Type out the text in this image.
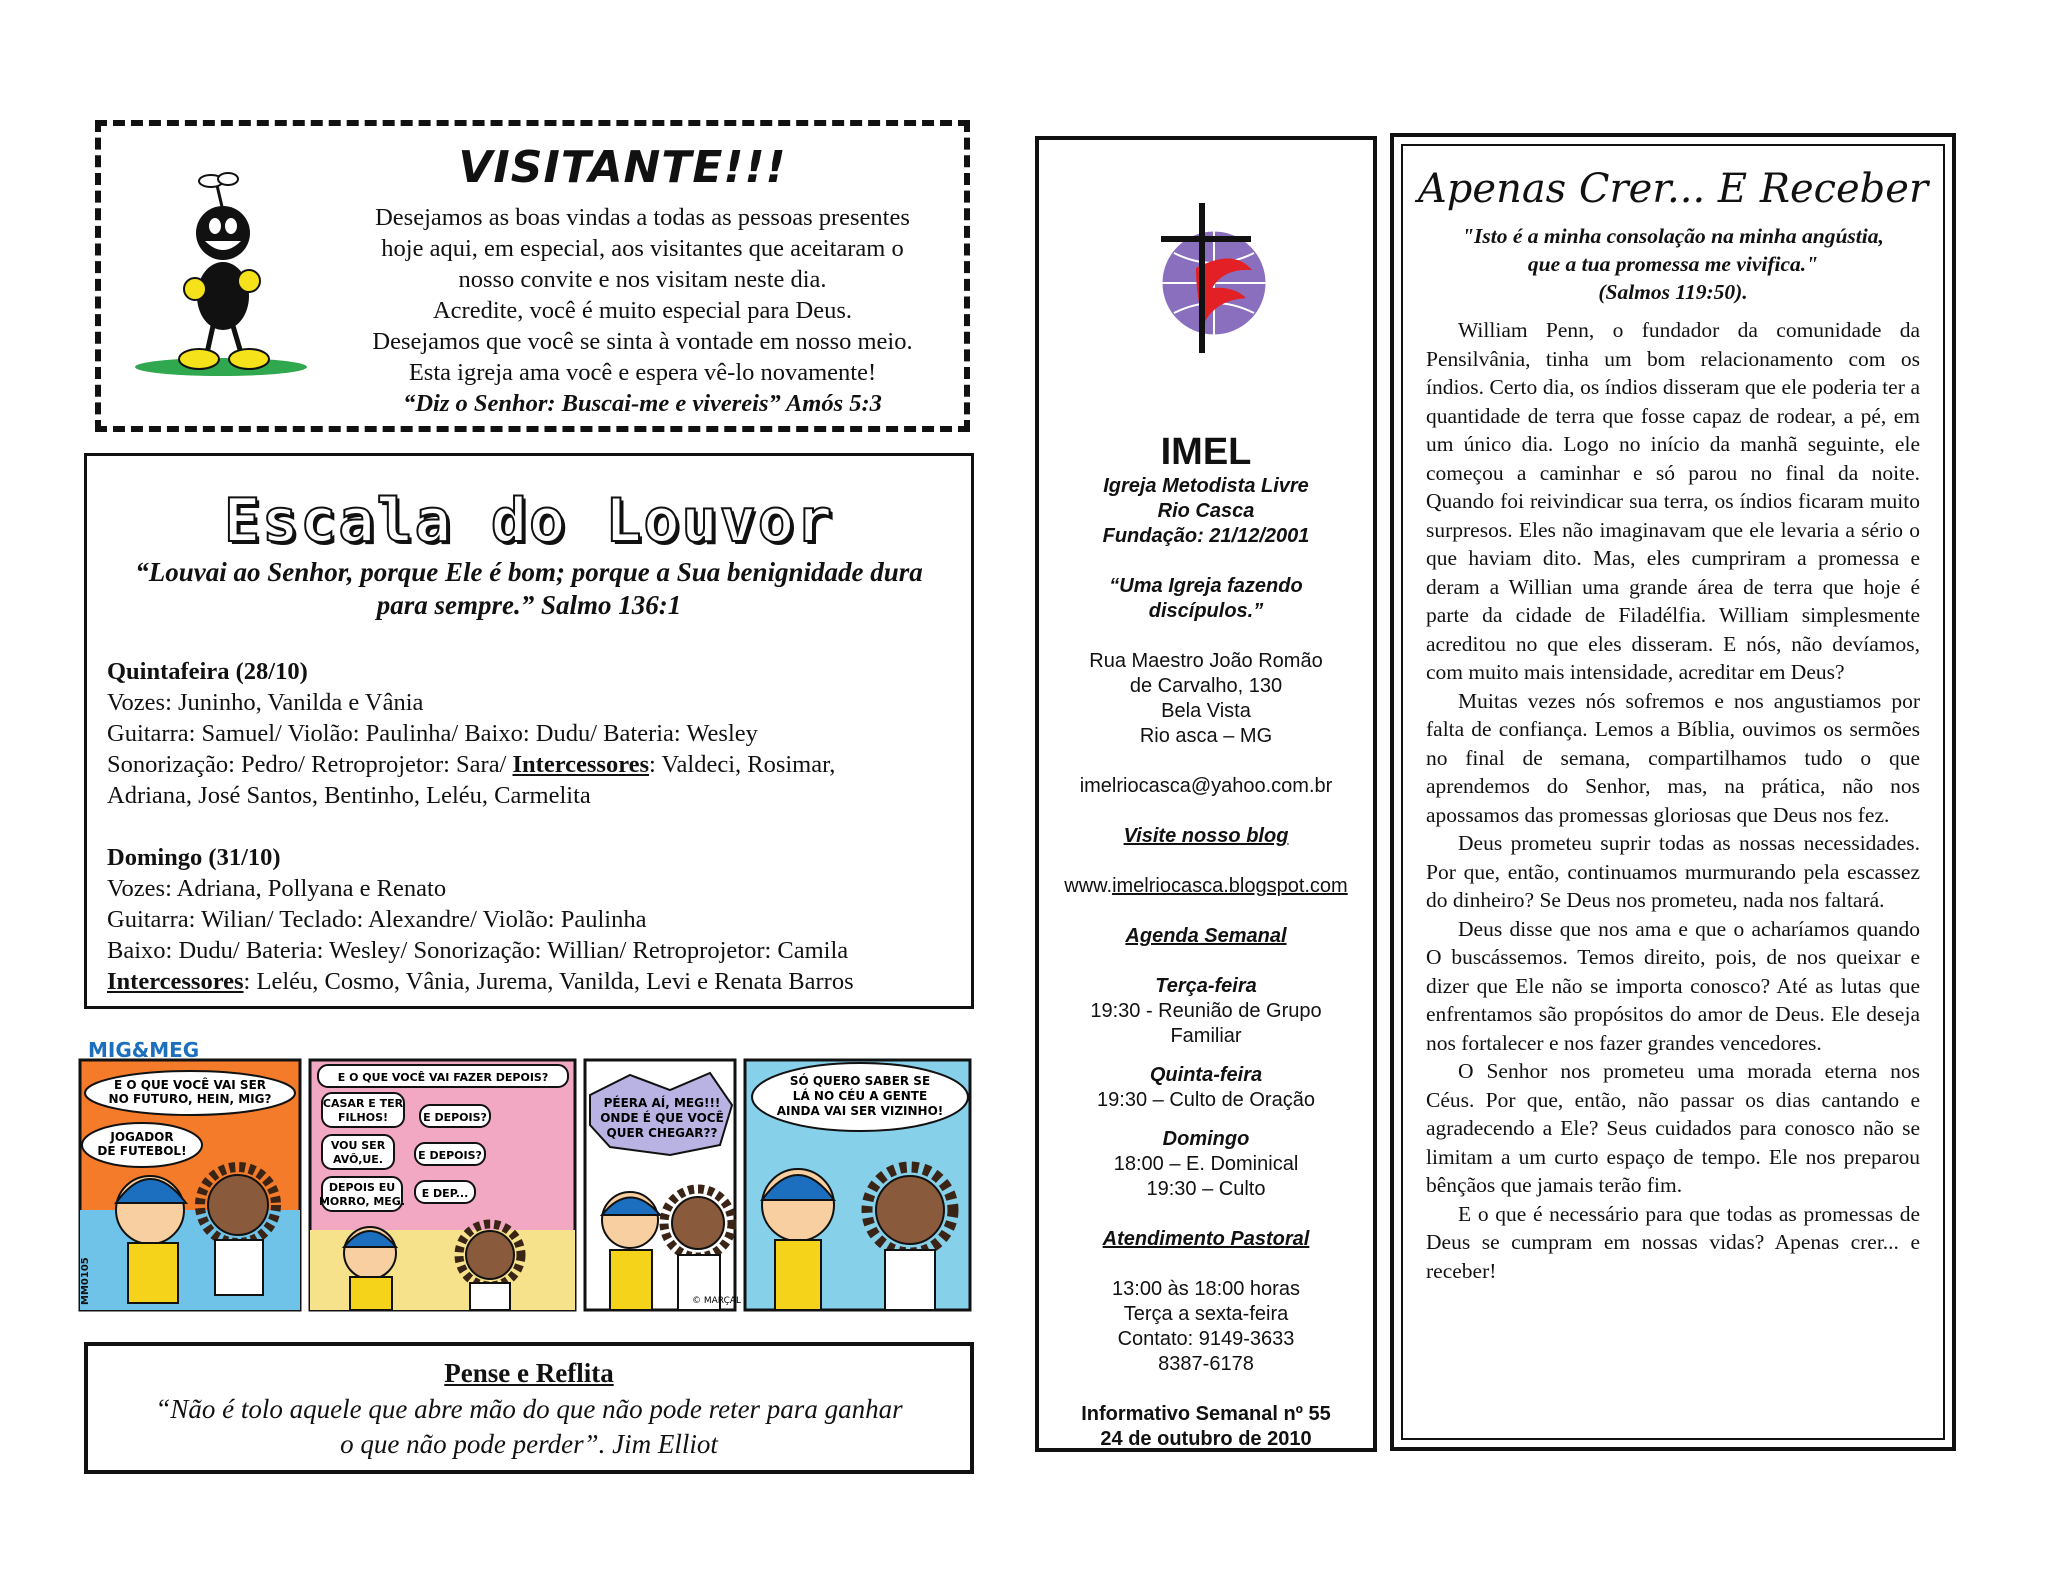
VISITANTE!!!
Desejamos as boas vindas a todas as pessoas presentes
hoje aqui, em especial, aos visitantes que aceitaram o
nosso convite e nos visitam neste dia.
Acredite, você é muito especial para Deus.
Desejamos que você se sinta à vontade em nosso meio.
Esta igreja ama você e espera vê-lo novamente!
“Diz o Senhor: Buscai-me e vivereis” Amós 5:3
Escala do Louvor
“Louvai ao Senhor, porque Ele é bom; porque a Sua benignidade dura para sempre.” Salmo 136:1
Quintafeira (28/10)
Vozes: Juninho, Vanilda e Vânia
Guitarra: Samuel/ Violão: Paulinha/ Baixo: Dudu/ Bateria: Wesley
Sonorização: Pedro/ Retroprojetor: Sara/ Intercessores: Valdeci, Rosimar,
Adriana, José Santos, Bentinho, Leléu, Carmelita
Domingo (31/10)
Vozes: Adriana, Pollyana e Renato
Guitarra: Wilian/ Teclado: Alexandre/ Violão: Paulinha
Baixo: Dudu/ Bateria: Wesley/ Sonorização: Willian/ Retroprojetor: Camila
Intercessores: Leléu, Cosmo, Vânia, Jurema, Vanilda, Levi e Renata Barros
MIG&MEG
E O QUE VOCÊ VAI SER
NO FUTURO, HEIN, MIG?
JOGADOR
DE FUTEBOL!
MM0105
E O QUE VOCÊ VAI FAZER DEPOIS?
CASAR E TER
FILHOS!	E DEPOIS?
VOU SER
AVÔ,UE.	E DEPOIS?
DEPOIS EU
MORRO, MEG.
E DEP...
PÉERA AÍ, MEG!!!
ONDE É QUE VOCÊ
QUER CHEGAR??
© MARÇAL
SÓ QUERO SABER SE
LÁ NO CÉU A GENTE
AINDA VAI SER VIZINHO!
Pense e Reflita
“Não é tolo aquele que abre mão do que não pode reter para ganhar
o que não pode perder”. Jim Elliot
IMEL
Igreja Metodista Livre
Rio Casca
Fundação: 21/12/2001
“Uma Igreja fazendo
discípulos.”
Rua Maestro João Romão
de Carvalho, 130
Bela Vista
Rio asca – MG
imelriocasca@yahoo.com.br
Visite nosso blog
www.imelriocasca.blogspot.com
Agenda Semanal
Terça-feira
19:30 - Reunião de Grupo
Familiar
Quinta-feira
19:30 – Culto de Oração
Domingo
18:00 – E. Dominical
19:30 – Culto
Atendimento Pastoral
13:00 às 18:00 horas
Terça a sexta-feira
Contato: 9149-3633
8387-6178
Informativo Semanal nº 55
24 de outubro de 2010
Apenas Crer... E Receber
"Isto é a minha consolação na minha angústia,
que a tua promessa me vivifica."
(Salmos 119:50).

William Penn, o fundador da comunidade da Pensilvânia, tinha um bom relacionamento com os índios. Certo dia, os índios disseram que ele poderia ter a quantidade de terra que fosse capaz de rodear, a pé, em um único dia. Logo no início da manhã seguinte, ele começou a caminhar e só parou no final da noite. Quando foi reivindicar sua terra, os índios ficaram muito surpresos. Eles não imaginavam que ele levaria a sério o que haviam dito. Mas, eles cumpriram a promessa e deram a Willian uma grande área de terra que hoje é parte da cidade de Filadélfia. William simplesmente acreditou no que eles disseram. E nós, não devíamos, com muito mais intensidade, acreditar em Deus?

Muitas vezes nós sofremos e nos angustiamos por falta de confiança. Lemos a Bíblia, ouvimos os sermões no final de semana, compartilhamos tudo o que aprendemos do Senhor, mas, na prática, não nos apossamos das promessas gloriosas que Deus nos fez.

Deus prometeu suprir todas as nossas necessidades. Por que, então, continuamos murmurando pela escassez do dinheiro? Se Deus nos prometeu, nada nos faltará.

Deus disse que nos ama e que o acharíamos quando O buscássemos. Temos direito, pois, de nos queixar e dizer que Ele não se importa conosco? Até as lutas que enfrentamos são propósitos do amor de Deus. Ele deseja nos fortalecer e nos fazer grandes vencedores.

O Senhor nos prometeu uma morada eterna nos Céus. Por que, então, não passar os dias cantando e agradecendo a Ele? Seus cuidados para conosco não se limitam a um curto espaço de tempo. Ele nos preparou bênçãos que jamais terão fim.

E o que é necessário para que todas as promessas de Deus se cumpram em nossas vidas? Apenas crer... e receber!
